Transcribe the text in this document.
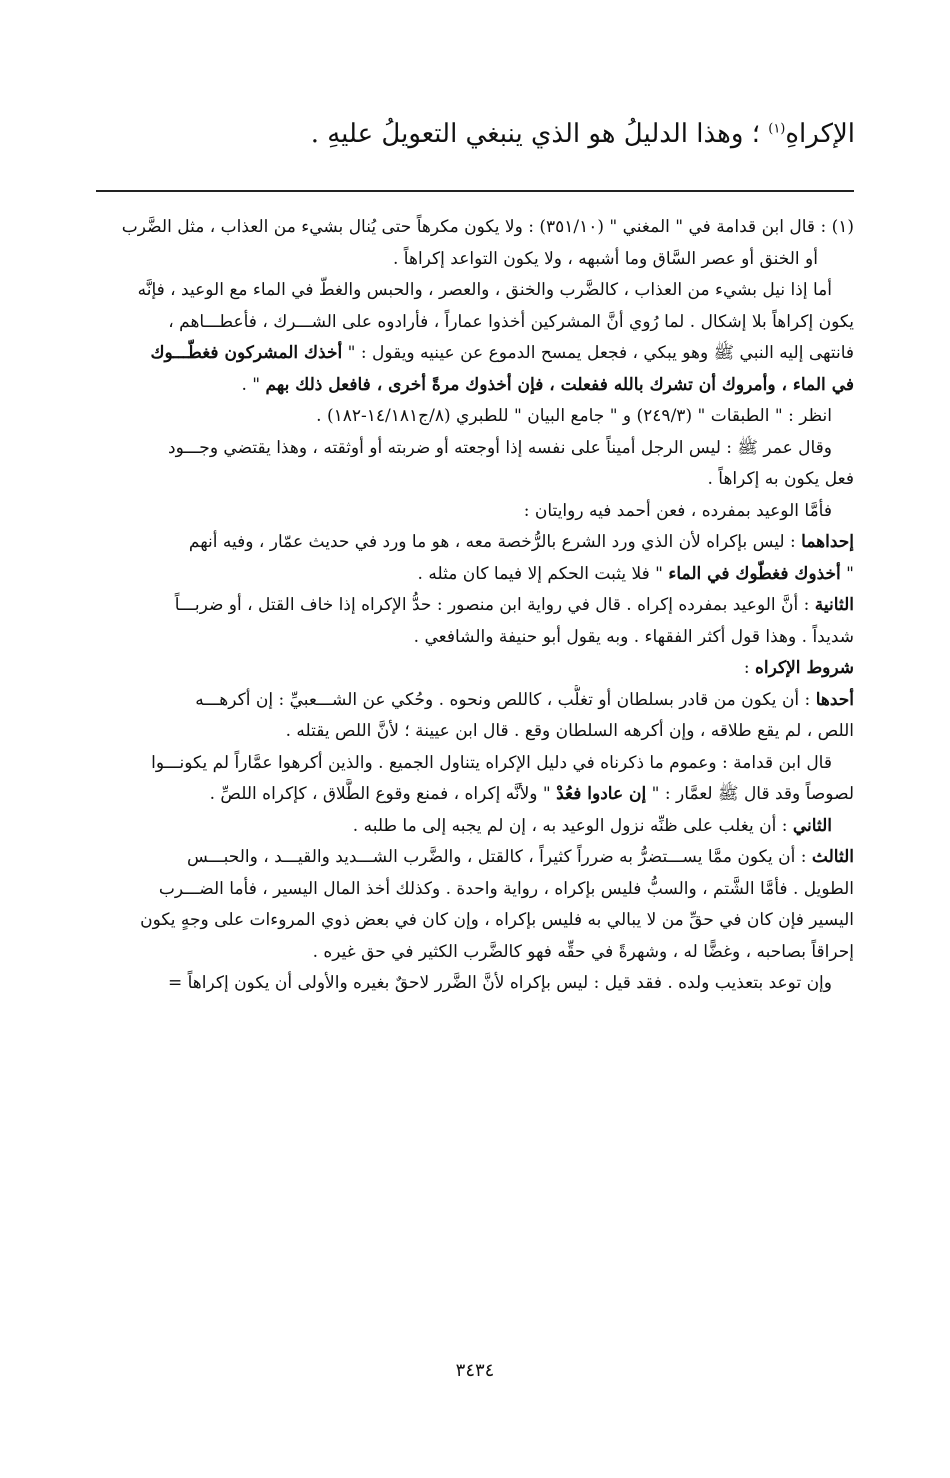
الإكراهِ$^{(١)}$ ؛ وهذا الدليلُ هو الذي ينبغي التعويلُ عليهِ .
(١) : قال ابن قدامة في " المغني " (٣٥١/١٠) : ولا يكون مكرهاً حتى يُنال بشيء من العذاب ، مثل الضَّرب
أو الخنق أو عصر السَّاق وما أشبهه ، ولا يكون التواعد إكراهاً .
أما إذا نيل بشيء من العذاب ، كالضَّرب والخنق ، والعصر ، والحبس والغطّ في الماء مع الوعيد ، فإنَّه
يكون إكراهاً بلا إشكال . لما رُوي أنَّ المشركين أخذوا عماراً ، فأرادوه على الشـــرك ، فأعطـــاهم ،
فانتهى إليه النبي ﷺ وهو يبكي ، فجعل يمسح الدموع عن عينيه ويقول : " أخذك المشركون فغطّـــوك
في الماء ، وأمروك أن تشرك بالله ففعلت ، فإن أخذوك مرةً أخرى ، فافعل ذلك بهم " .
انظر : " الطبقات " (٢٤٩/٣) و " جامع البيان " للطبري (٨/ج١٤/١٨١-١٨٢) .
وقال عمر ﷺ : ليس الرجل أميناً على نفسه إذا أوجعته أو ضربته أو أوثقته ، وهذا يقتضي وجـــود
فعل يكون به إكراهاً .
فأمَّا الوعيد بمفرده ، فعن أحمد فيه روايتان :
إحداهما : ليس بإكراه لأن الذي ورد الشرع بالرُّخصة معه ، هو ما ورد في حديث عمّار ، وفيه أنهم
" أخذوك فغطّوك في الماء " فلا يثبت الحكم إلا فيما كان مثله .
الثانية : أنَّ الوعيد بمفرده إكراه . قال في رواية ابن منصور : حدُّ الإكراه إذا خاف القتل ، أو ضربـــاً
شديداً . وهذا قول أكثر الفقهاء . وبه يقول أبو حنيفة والشافعي .
شروط الإكراه :
أحدها : أن يكون من قادر بسلطان أو تغلُّب ، كاللص ونحوه . وحُكي عن الشـــعبيِّ : إن أكرهـــه
اللص ، لم يقع طلاقه ، وإن أكرهه السلطان وقع . قال ابن عيينة ؛ لأنَّ اللص يقتله .
قال ابن قدامة : وعموم ما ذكرناه في دليل الإكراه يتناول الجميع . والذين أكرهوا عمَّاراً لم يكونـــوا
لصوصاً وقد قال ﷺ لعمَّار : " إن عادوا فعُدْ " ولأنَّه إكراه ، فمنع وقوع الطَّلاق ، كإكراه اللصِّ .
الثاني : أن يغلب على ظنِّه نزول الوعيد به ، إن لم يجبه إلى ما طلبه .
الثالث : أن يكون ممَّا يســـتضرُّ به ضرراً كثيراً ، كالقتل ، والضَّرب الشـــديد والقيـــد ، والحبـــس
الطويل . فأمَّا الشَّتم ، والسبُّ فليس بإكراه ، رواية واحدة . وكذلك أخذ المال اليسير ، فأما الضـــرب
اليسير فإن كان في حقِّ من لا يبالي به فليس بإكراه ، وإن كان في بعض ذوي المروءات على وجهٍ يكون
إحراقاً بصاحبه ، وغضًّا له ، وشهرةً في حقِّه فهو كالضَّرب الكثير في حق غيره .
وإن توعد بتعذيب ولده . فقد قيل : ليس بإكراه لأنَّ الضَّرر لاحقٌ بغيره والأولى أن يكون إكراهاً =
٣٤٣٤
